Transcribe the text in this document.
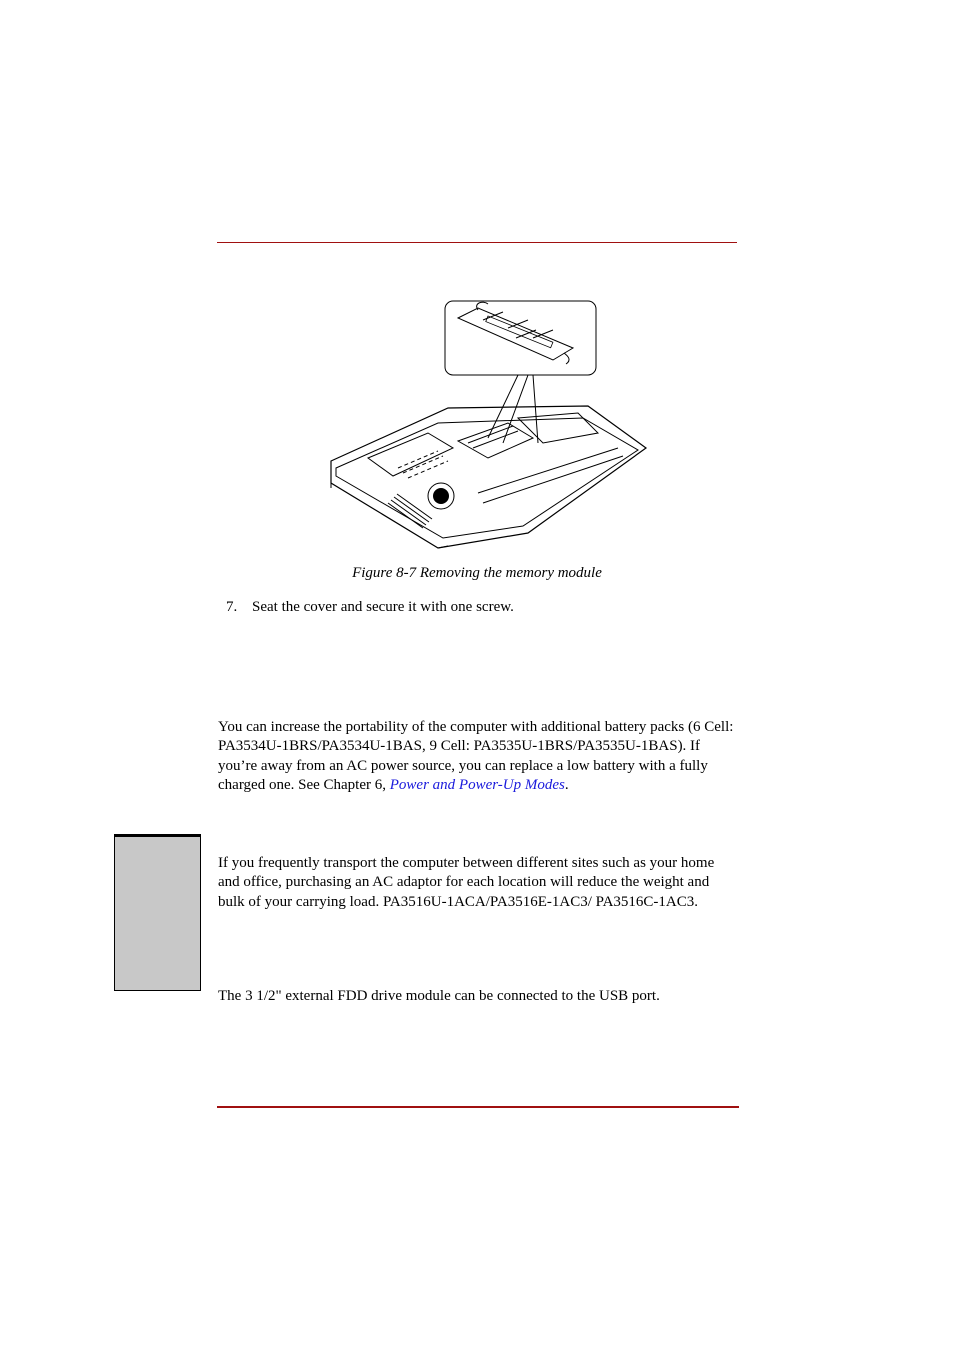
Figure 8-7 Removing the memory module
7. Seat the cover and secure it with one screw.
You can increase the portability of the computer with additional battery packs (6 Cell: PA3534U-1BRS/PA3534U-1BAS, 9 Cell: PA3535U-1BRS/PA3535U-1BAS). If you’re away from an AC power source, you can replace a low battery with a fully charged one. See Chapter 6, Power and Power-Up Modes.
If you frequently transport the computer between different sites such as your home and office, purchasing an AC adaptor for each location will reduce the weight and bulk of your carrying load. PA3516U-1ACA/PA3516E-1AC3/ PA3516C-1AC3.
The 3 1/2" external FDD drive module can be connected to the USB port.
